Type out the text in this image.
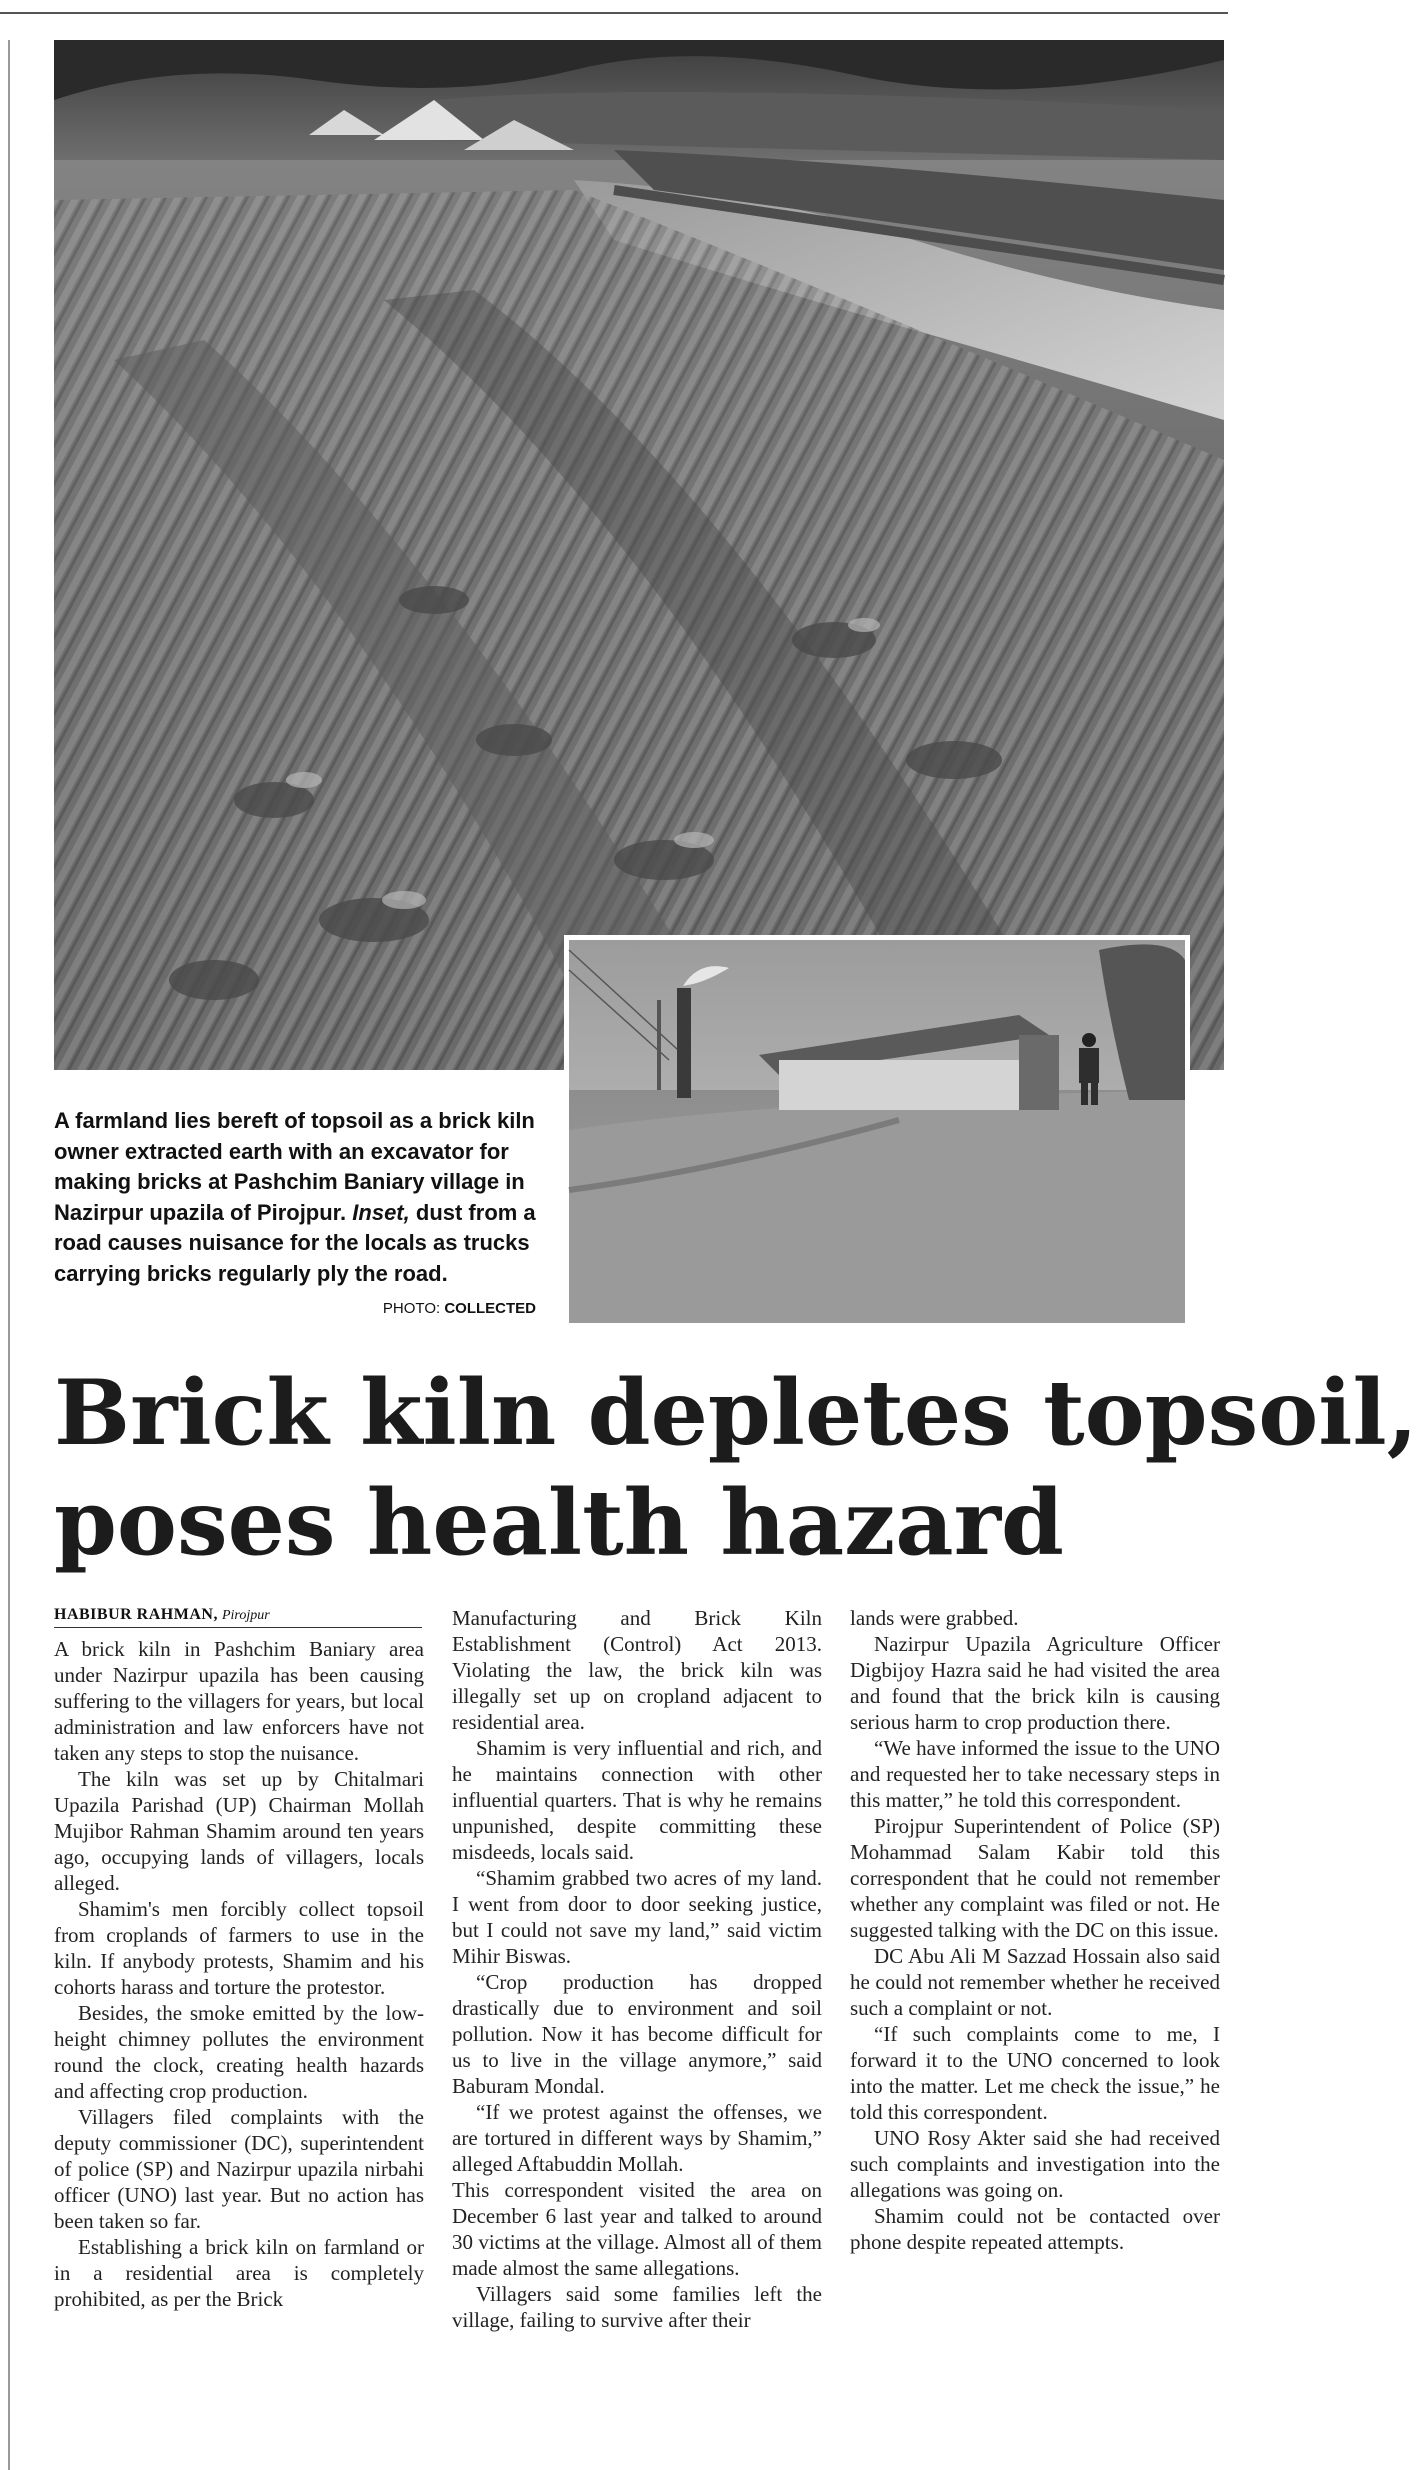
A farmland lies bereft of topsoil as a brick kiln owner extracted earth with an excavator for making bricks at Pashchim Baniary village in Nazirpur upazila of Pirojpur. Inset, dust from a road causes nuisance for the locals as trucks carrying bricks regularly ply the road.
PHOTO: COLLECTED
Brick kiln depletes topsoil,
poses health hazard
HABIBUR RAHMAN, Pirojpur

A brick kiln in Pashchim Baniary area under Nazirpur upazila has been causing suffering to the villagers for years, but local administration and law enforcers have not taken any steps to stop the nuisance.

The kiln was set up by Chitalmari Upazila Parishad (UP) Chairman Mollah Mujibor Rahman Shamim around ten years ago, occupying lands of villagers, locals alleged.

Shamim's men forcibly collect topsoil from croplands of farmers to use in the kiln. If anybody protests, Shamim and his cohorts harass and torture the protestor.

Besides, the smoke emitted by the low-height chimney pollutes the environment round the clock, creating health hazards and affecting crop production.

Villagers filed complaints with the deputy commissioner (DC), superintendent of police (SP) and Nazirpur upazila nirbahi officer (UNO) last year. But no action has been taken so far.

Establishing a brick kiln on farmland or in a residential area is completely prohibited, as per the Brick

Manufacturing and Brick Kiln Establishment (Control) Act 2013. Violating the law, the brick kiln was illegally set up on cropland adjacent to residential area.

Shamim is very influential and rich, and he maintains connection with other influential quarters. That is why he remains unpunished, despite committing these misdeeds, locals said.

“Shamim grabbed two acres of my land. I went from door to door seeking justice, but I could not save my land,” said victim Mihir Biswas.

“Crop production has dropped drastically due to environment and soil pollution. Now it has become difficult for us to live in the village anymore,” said Baburam Mondal.

“If we protest against the offenses, we are tortured in different ways by Shamim,” alleged Aftabuddin Mollah.

This correspondent visited the area on December 6 last year and talked to around 30 victims at the village. Almost all of them made almost the same allegations.

Villagers said some families left the village, failing to survive after their

lands were grabbed.

Nazirpur Upazila Agriculture Officer Digbijoy Hazra said he had visited the area and found that the brick kiln is causing serious harm to crop production there.

“We have informed the issue to the UNO and requested her to take necessary steps in this matter,” he told this correspondent.

Pirojpur Superintendent of Police (SP) Mohammad Salam Kabir told this correspondent that he could not remember whether any complaint was filed or not. He suggested talking with the DC on this issue.

DC Abu Ali M Sazzad Hossain also said he could not remember whether he received such a complaint or not.

“If such complaints come to me, I forward it to the UNO concerned to look into the matter. Let me check the issue,” he told this correspondent.

UNO Rosy Akter said she had received such complaints and investigation into the allegations was going on.

Shamim could not be contacted over phone despite repeated attempts.
